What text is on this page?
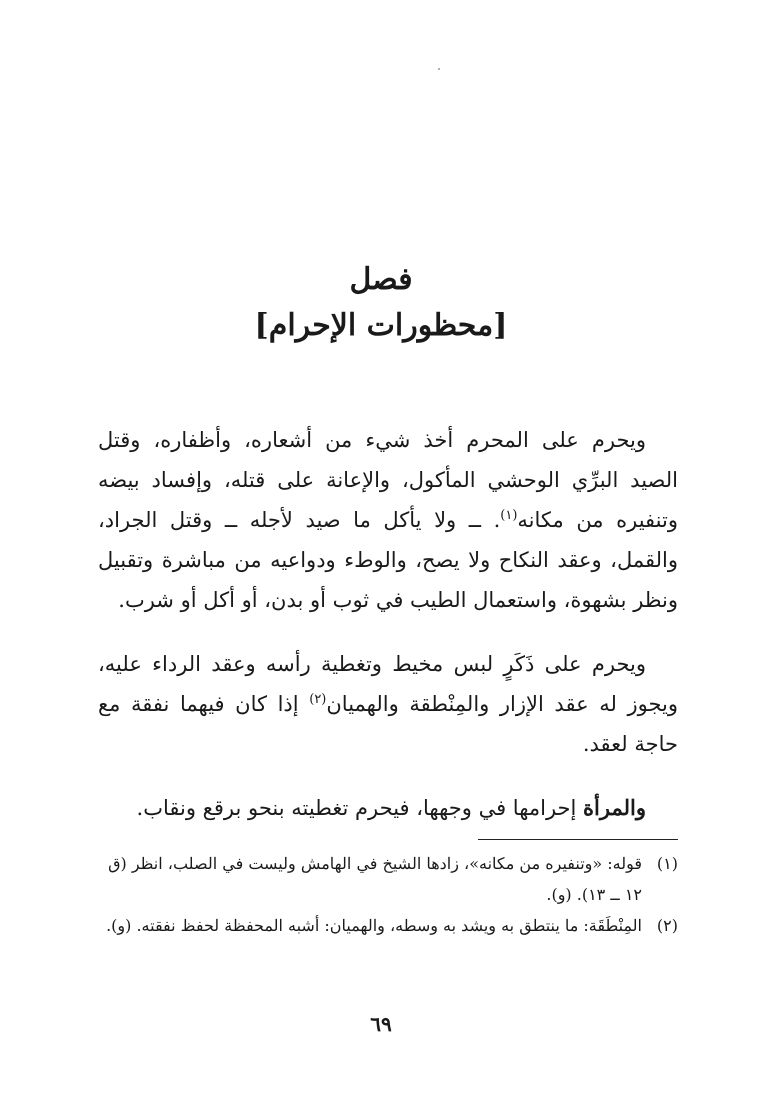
فصل
[محظورات الإحرام]

ويحرم على المحرم أخذ شيء من أشعاره، وأظفاره، وقتل الصيد البرِّي الوحشي المأكول، والإعانة على قتله، وإفساد بيضه وتنفيره من مكانه$^{(١)}$. ــ ولا يأكل ما صيد لأجله ــ وقتل الجراد، والقمل، وعقد النكاح ولا يصح، والوطء ودواعيه من مباشرة وتقبيل ونظر بشهوة، واستعمال الطيب في ثوب أو بدن، أو أكل أو شرب.

ويحرم على ذَكَرٍ لبس مخيط وتغطية رأسه وعقد الرداء عليه، ويجوز له عقد الإزار والمِنْطقة والهميان$^{(٢)}$ إذا كان فيهما نفقة مع حاجة لعقد.

والمرأة إحرامها في وجهها، فيحرم تغطيته بنحو برقع ونقاب.

(١)
قوله: «وتنفيره من مكانه»، زادها الشيخ في الهامش وليست في الصلب، انظر (ق ١٢ ــ ١٣). (و).
(٢)
المِنْطَقَة: ما ينتطق به ويشد به وسطه، والهميان: أشبه المحفظة لحفظ نفقته. (و).
٦٩
